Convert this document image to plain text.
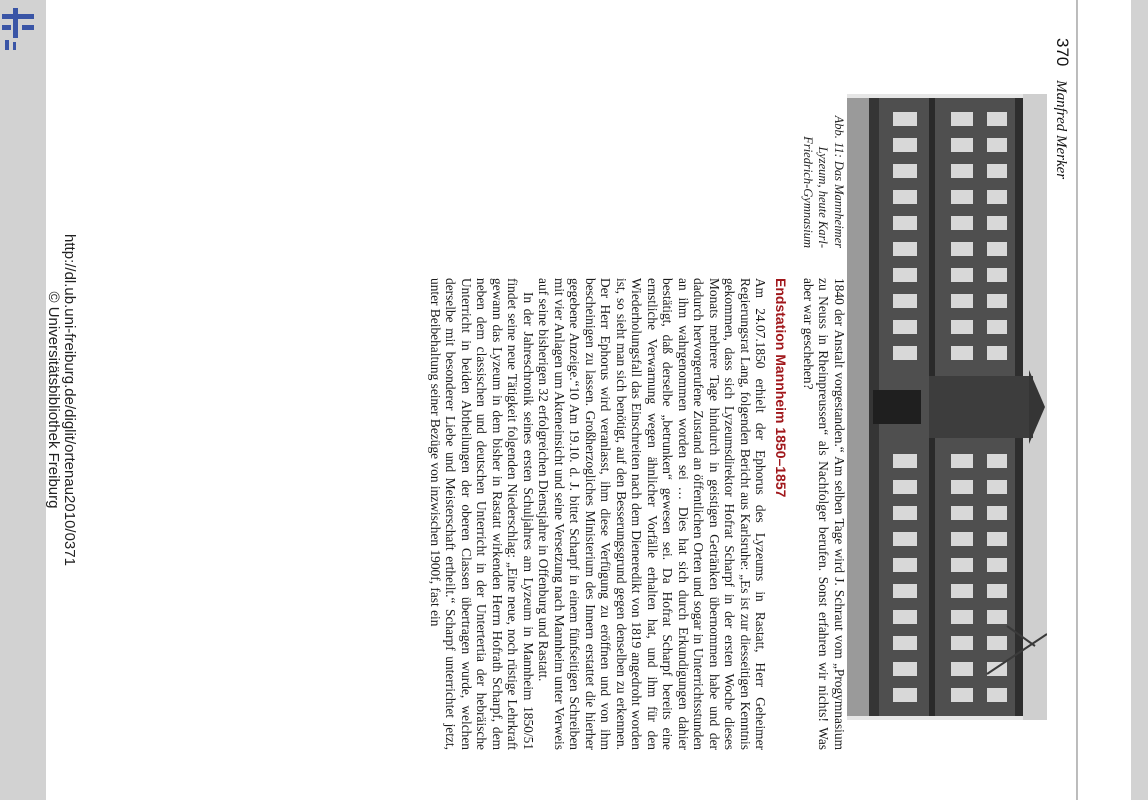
370 Manfred Merker
Abb. 11: Das Mannheimer Lyzeum, heute Karl-Friedrich-Gymnasium

1840 der Anstalt vorgestanden.“ Am selben Tage wird J. Schraut vom „Progymnasium zu Neuss in Rheinpreussen“ als Nachfolger berufen. Sonst erfahren wir nichts! Was aber war geschehen?

Endstation Mannheim 1850–1857

Am 24.07.1850 erhielt der Ephorus des Lyzeums in Rastatt, Herr Geheimer Regierungsrat Lang, folgenden Bericht aus Karlsruhe: „Es ist zur diesseitigen Kenntnis gekommen, dass sich Lyzeumsdirektor Hofrat Scharpf in der ersten Woche dieses Monats mehrere Tage hindurch in geistigen Getränken übernommen habe und der dadurch hervorgerufene Zustand an öffentlichen Orten und sogar in Unterrichtsstunden an ihm wahrgenommen worden sei … Dies hat sich durch Erkundigungen dahier bestätigt, daß derselbe „betrunken“ gewesen sei. Da Hofrat Scharpf bereits eine ernstliche Verwarnung wegen ähnlicher Vorfälle erhalten hat, und ihm für den Wiederholungsfall das Einschreiten nach dem Dieneredikt von 1819 angedroht worden ist, so sieht man sich benötigt, auf den Besserungsgrund gegen denselben zu erkennen. Der Herr Ephorus wird veranlasst, ihm diese Verfügung zu eröffnen und von ihm bescheinigen zu lassen. Großherzogliches Ministerium des Innern erstattet die hierher gegebene Anzeige.“10 Am 19.10. d. J. bittet Scharpf in einem fünfseitigen Schreiben mit vier Anlagen um Akteneinsicht und seine Versetzung nach Mannheim unter Verweis auf seine bisherigen 32 erfolgreichen Dienstjahre in Offenburg und Rastatt.

In der Jahreschronik seines ersten Schuljahres am Lyzeum in Mannheim 1850/51 findet seine neue Tätigkeit folgenden Niederschlag: „Eine neue, noch rüstige Lehrkraft gewann das Lyzeum in dem bisher in Rastatt wirkenden Herrn Hofrath Scharpf, dem neben dem classischen und deutschen Unterricht in der Untertertia der hebräische Unterricht in beiden Abtheilungen der oberen Classen übertragen wurde, welchen derselbe mit besonderer Liebe und Meisterschaft ertheilt.“ Scharpf unterrichtet jetzt, unter Beibehaltung seiner Bezüge von inzwischen 1900f, fast ein

http://dl.ub.uni-freiburg.de/diglit/ortenau2010/0371
© Universitätsbibliothek Freiburg
